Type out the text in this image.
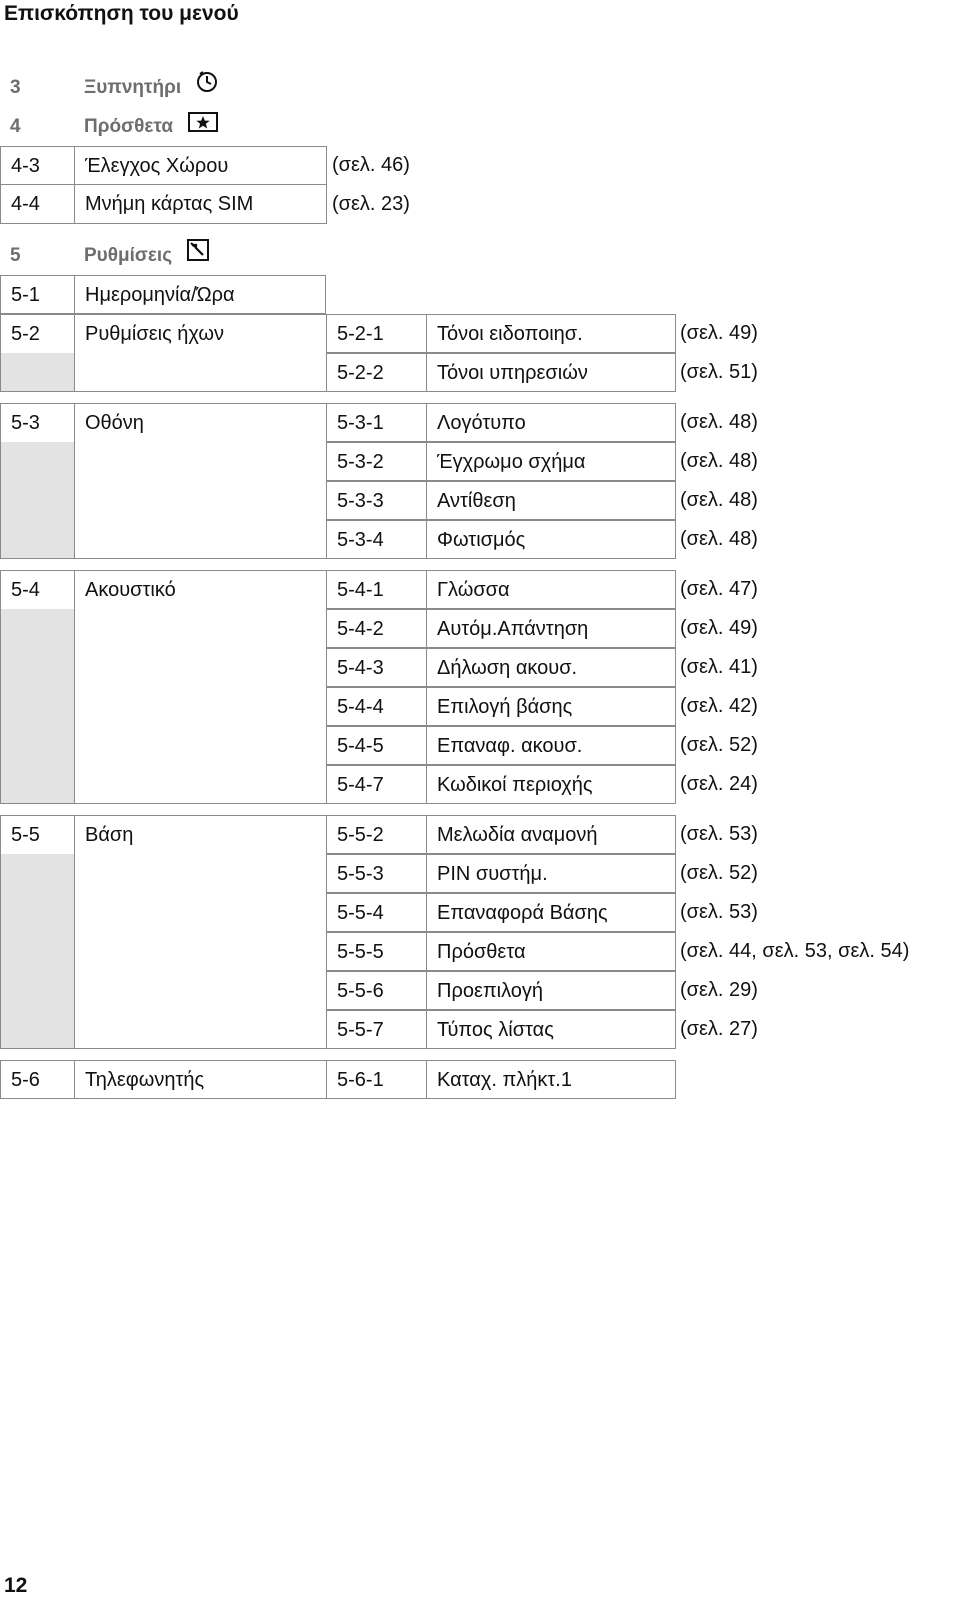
Επισκόπηση του μενού
3	Ξυπνητήρι
4	Πρόσθετα
4-3	Έλεγχος Χώρου	(σελ. 46)
4-4	Μνήμη κάρτας SIM	(σελ. 23)
5	Ρυθμίσεις
5-1	Ημερομηνία/Ώρα
5-2	Ρυθμίσεις ήχων	5-2-1	Τόνοι ειδοποιησ.	(σελ. 49)
5-2-2	Τόνοι υπηρεσιών	(σελ. 51)
5-3	Οθόνη	5-3-1	Λογότυπο	(σελ. 48)
5-3-2	Έγχρωμο σχήμα	(σελ. 48)
5-3-3	Αντίθεση	(σελ. 48)
5-3-4	Φωτισμός	(σελ. 48)
5-4	Ακουστικό	5-4-1	Γλώσσα	(σελ. 47)
5-4-2	Αυτόμ.Απάντηση	(σελ. 49)
5-4-3	Δήλωση ακουσ.	(σελ. 41)
5-4-4	Επιλογή βάσης	(σελ. 42)
5-4-5	Επαναφ. ακουσ.	(σελ. 52)
5-4-7	Κωδικοί περιοχής	(σελ. 24)
5-5	Βάση	5-5-2	Μελωδία αναμονή	(σελ. 53)
5-5-3	PIN συστήμ.	(σελ. 52)
5-5-4	Επαναφορά Βάσης	(σελ. 53)
5-5-5	Πρόσθετα	(σελ. 44, σελ. 53, σελ. 54)
5-5-6	Προεπιλογή	(σελ. 29)
5-5-7	Τύπος λίστας	(σελ. 27)
5-6	Τηλεφωνητής	5-6-1	Καταχ. πλήκτ.1
12
